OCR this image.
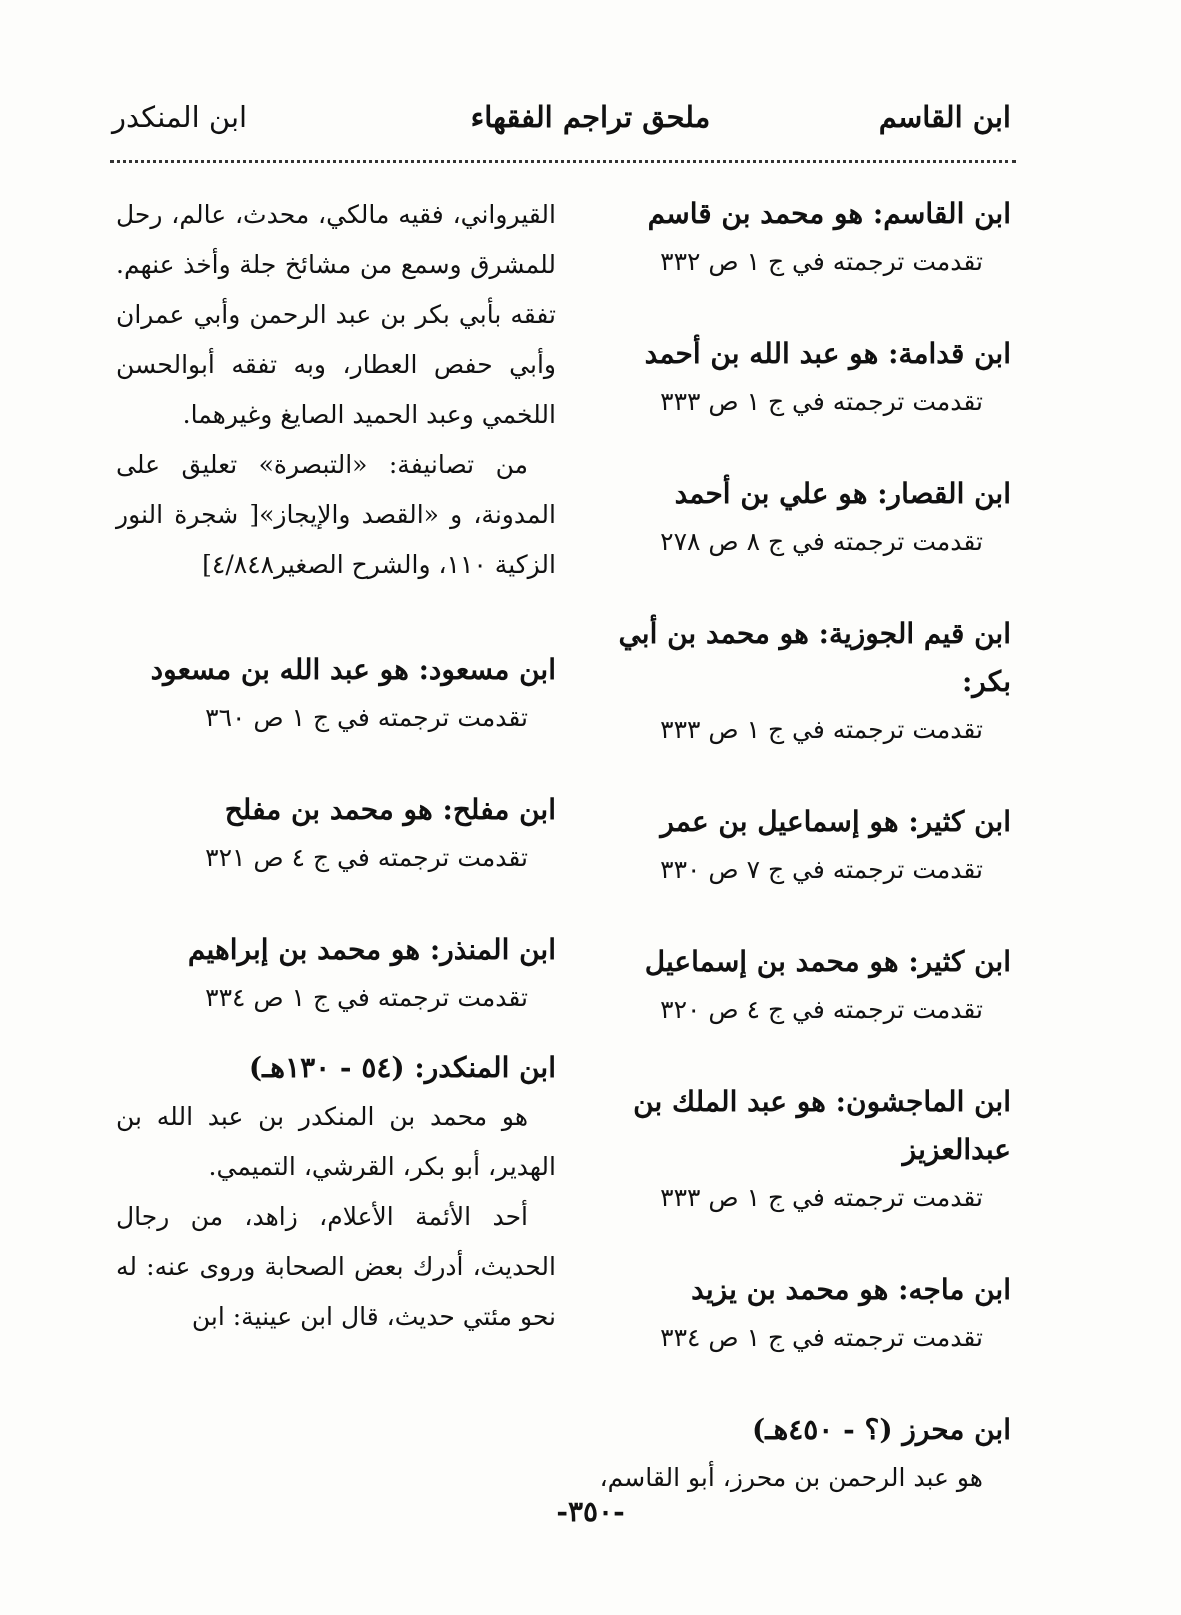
ابن القاسم
ملحق تراجم الفقهاء
ابن المنكدر
ابن القاسم: هو محمد بن قاسم
تقدمت ترجمته في ج ١ ص ٣٣٢
ابن قدامة: هو عبد الله بن أحمد
تقدمت ترجمته في ج ١ ص ٣٣٣
ابن القصار: هو علي بن أحمد
تقدمت ترجمته في ج ٨ ص ٢٧٨
ابن قيم الجوزية: هو محمد بن أبي بكر:
تقدمت ترجمته في ج ١ ص ٣٣٣
ابن كثير: هو إسماعيل بن عمر
تقدمت ترجمته في ج ٧ ص ٣٣٠
ابن كثير: هو محمد بن إسماعيل
تقدمت ترجمته في ج ٤ ص ٣٢٠
ابن الماجشون: هو عبد الملك بن عبدالعزيز
تقدمت ترجمته في ج ١ ص ٣٣٣
ابن ماجه: هو محمد بن يزيد
تقدمت ترجمته في ج ١ ص ٣٣٤
ابن محرز (؟ - ٤٥٠هـ)
هو عبد الرحمن بن محرز، أبو القاسم،
القيرواني، فقيه مالكي، محدث، عالم، رحل للمشرق وسمع من مشائخ جلة وأخذ عنهم. تفقه بأبي بكر بن عبد الرحمن وأبي عمران وأبي حفص العطار، وبه تفقه أبوالحسن اللخمي وعبد الحميد الصايغ وغيرهما.
من تصانيفة: «التبصرة» تعليق على المدونة، و «القصد والإيجاز»[ شجرة النور الزكية ١١٠، والشرح الصغير٤/٨٤٨]
ابن مسعود: هو عبد الله بن مسعود
تقدمت ترجمته في ج ١ ص ٣٦٠
ابن مفلح: هو محمد بن مفلح
تقدمت ترجمته في ج ٤ ص ٣٢١
ابن المنذر: هو محمد بن إبراهيم
تقدمت ترجمته في ج ١ ص ٣٣٤
ابن المنكدر: (٥٤ - ١٣٠هـ)
هو محمد بن المنكدر بن عبد الله بن الهدير، أبو بكر، القرشي، التميمي.
أحد الأئمة الأعلام، زاهد، من رجال الحديث، أدرك بعض الصحابة وروى عنه: له نحو مئتي حديث، قال ابن عينية: ابن
-٣٥٠-
